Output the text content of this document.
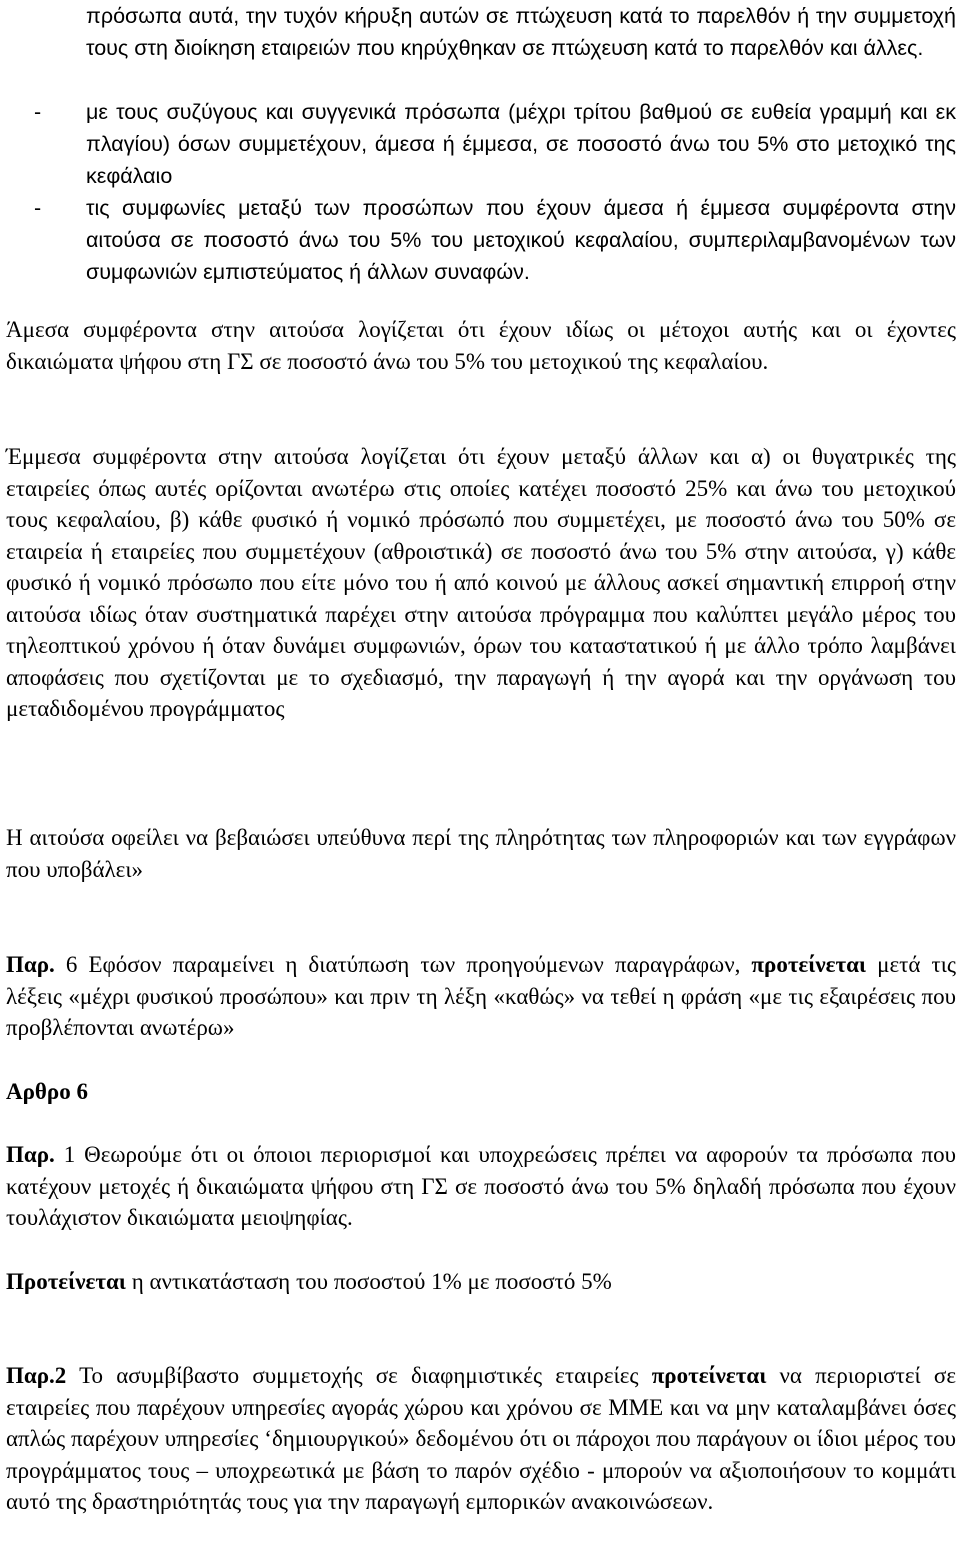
πρόσωπα αυτά, την τυχόν κήρυξη αυτών σε πτώχευση κατά το παρελθόν ή την συμμετοχή τους στη διοίκηση εταιρειών που κηρύχθηκαν σε πτώχευση κατά το παρελθόν και άλλες.
- με τους συζύγους και συγγενικά πρόσωπα (μέχρι τρίτου βαθμού σε ευθεία γραμμή και εκ πλαγίου) όσων συμμετέχουν, άμεσα ή έμμεσα, σε ποσοστό άνω του 5% στο μετοχικό της κεφάλαιο
- τις συμφωνίες μεταξύ των προσώπων που έχουν άμεσα ή έμμεσα συμφέροντα στην αιτούσα σε ποσοστό άνω του 5% του μετοχικού κεφαλαίου, συμπεριλαμβανομένων των συμφωνιών εμπιστεύματος ή άλλων συναφών.
Άμεσα συμφέροντα στην αιτούσα λογίζεται ότι έχουν ιδίως οι μέτοχοι αυτής και οι έχοντες δικαιώματα ψήφου στη ΓΣ σε ποσοστό άνω του 5% του μετοχικού της κεφαλαίου.
Έμμεσα συμφέροντα στην αιτούσα λογίζεται ότι έχουν μεταξύ άλλων και α) οι θυγατρικές της εταιρείες όπως αυτές ορίζονται ανωτέρω στις οποίες κατέχει ποσοστό 25% και άνω του μετοχικού τους κεφαλαίου, β) κάθε φυσικό ή νομικό πρόσωπό που συμμετέχει, με ποσοστό άνω του 50% σε εταιρεία ή εταιρείες που συμμετέχουν (αθροιστικά) σε ποσοστό άνω του 5% στην αιτούσα, γ) κάθε φυσικό ή νομικό πρόσωπο που είτε μόνο του ή από κοινού με άλλους ασκεί σημαντική επιρροή στην αιτούσα ιδίως όταν συστηματικά παρέχει στην αιτούσα πρόγραμμα που καλύπτει μεγάλο μέρος του τηλεοπτικού χρόνου ή όταν δυνάμει συμφωνιών, όρων του καταστατικού ή με άλλο τρόπο λαμβάνει αποφάσεις που σχετίζονται με το σχεδιασμό, την παραγωγή ή την αγορά και την οργάνωση του μεταδιδομένου προγράμματος
Η αιτούσα οφείλει να βεβαιώσει υπεύθυνα περί της πληρότητας των πληροφοριών και των εγγράφων που υποβάλει»
Παρ. 6 Εφόσον παραμείνει η διατύπωση των προηγούμενων παραγράφων, προτείνεται μετά τις λέξεις «μέχρι φυσικού προσώπου» και πριν τη λέξη «καθώς» να τεθεί η φράση «με τις εξαιρέσεις που προβλέπονται ανωτέρω»
Αρθρο 6
Παρ. 1 Θεωρούμε ότι οι όποιοι περιορισμοί και υποχρεώσεις πρέπει να αφορούν τα πρόσωπα που κατέχουν μετοχές ή δικαιώματα ψήφου στη ΓΣ σε ποσοστό άνω του 5% δηλαδή πρόσωπα που έχουν τουλάχιστον δικαιώματα μειοψηφίας.
Προτείνεται η αντικατάσταση του ποσοστού 1% με ποσοστό 5%
Παρ.2 Το ασυμβίβαστο συμμετοχής σε διαφημιστικές εταιρείες προτείνεται να περιοριστεί σε εταιρείες που παρέχουν υπηρεσίες αγοράς χώρου και χρόνου σε ΜΜΕ και να μην καταλαμβάνει όσες απλώς παρέχουν υπηρεσίες ‘δημιουργικού» δεδομένου ότι οι πάροχοι που παράγουν οι ίδιοι μέρος του προγράμματος τους – υποχρεωτικά με βάση το παρόν σχέδιο - μπορούν να αξιοποιήσουν το κομμάτι αυτό της δραστηριότητάς τους για την παραγωγή εμπορικών ανακοινώσεων.
